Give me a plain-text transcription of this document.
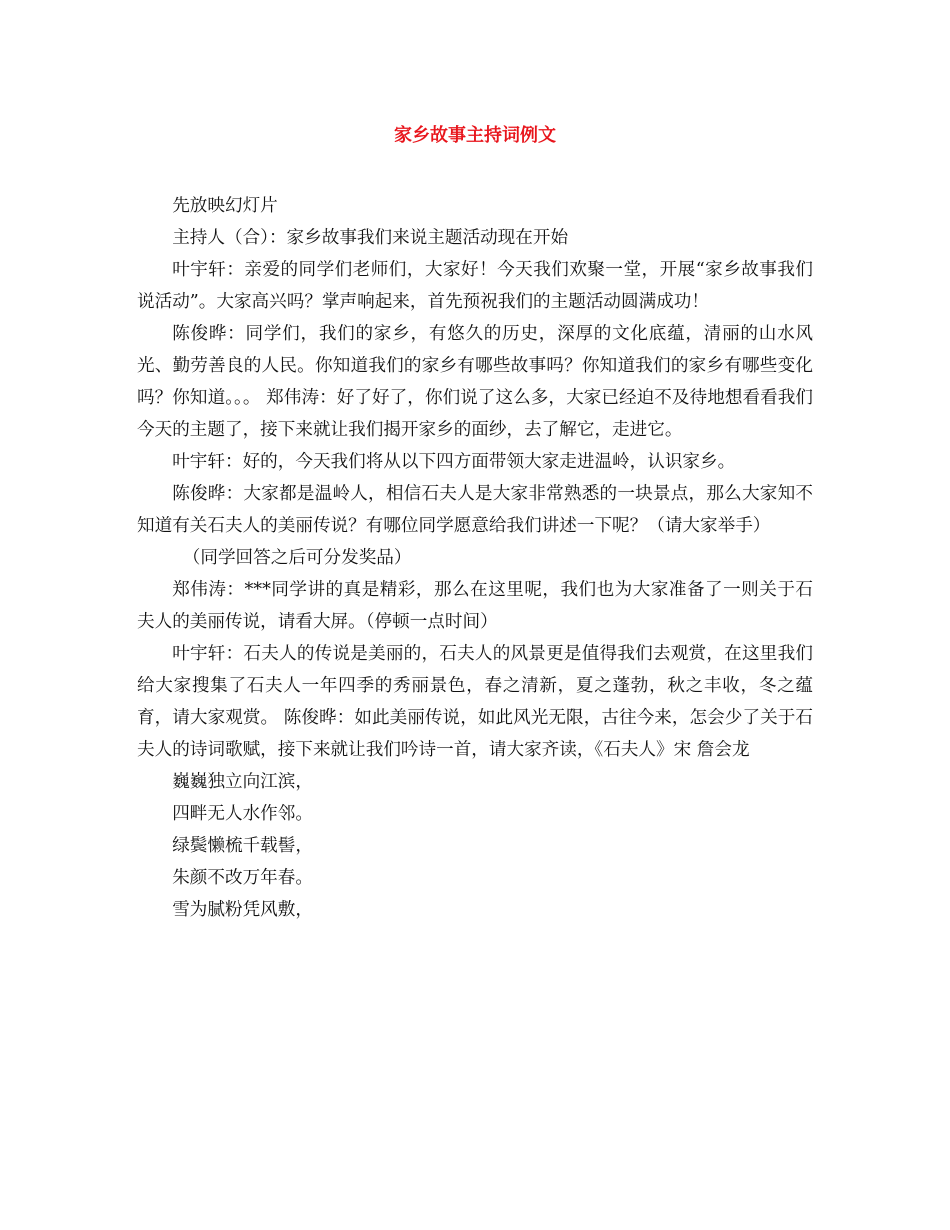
家乡故事主持词例文

先放映幻灯片

主持人（合）：家乡故事我们来说主题活动现在开始

叶宇轩：亲爱的同学们老师们，大家好！今天我们欢聚一堂，开展“家乡故事我们说活动”。大家高兴吗？掌声响起来，首先预祝我们的主题活动圆满成功！

陈俊晔：同学们，我们的家乡，有悠久的历史，深厚的文化底蕴，清丽的山水风光、勤劳善良的人民。你知道我们的家乡有哪些故事吗？你知道我们的家乡有哪些变化吗？你知道。。。 郑伟涛：好了好了，你们说了这么多，大家已经迫不及待地想看看我们今天的主题了，接下来就让我们揭开家乡的面纱，去了解它，走进它。

叶宇轩：好的，今天我们将从以下四方面带领大家走进温岭，认识家乡。

陈俊晔：大家都是温岭人，相信石夫人是大家非常熟悉的一块景点，那么大家知不知道有关石夫人的美丽传说？有哪位同学愿意给我们讲述一下呢？（请大家举手）

（同学回答之后可分发奖品）

郑伟涛：***同学讲的真是精彩，那么在这里呢，我们也为大家准备了一则关于石夫人的美丽传说，请看大屏。（停顿一点时间）

叶宇轩：石夫人的传说是美丽的，石夫人的风景更是值得我们去观赏，在这里我们给大家搜集了石夫人一年四季的秀丽景色，春之清新，夏之蓬勃，秋之丰收，冬之蕴育，请大家观赏。 陈俊晔：如此美丽传说，如此风光无限，古往今来，怎会少了关于石夫人的诗词歌赋，接下来就让我们吟诗一首，请大家齐读，《石夫人》宋 詹会龙

巍巍独立向江滨，

四畔无人水作邻。

绿鬓懒梳千载髻，

朱颜不改万年春。

雪为腻粉凭风敷，
